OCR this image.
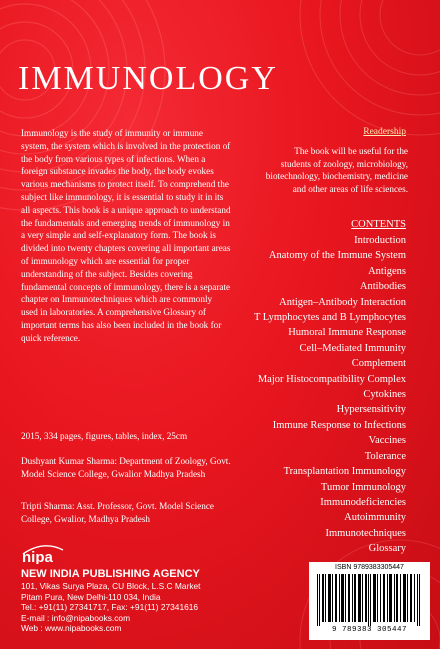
IMMUNOLOGY

Immunology is the study of immunity or immune system, the system which is involved in the protection of the body from various types of infections. When a foreign substance invades the body, the body evokes various mechanisms to protect itself. To comprehend the subject like immunology, it is essential to study it in its all aspects. This book is a unique approach to understand the fundamentals and emerging trends of immunology in a very simple and self-explanatory form. The book is divided into twenty chapters covering all important areas of immunology which are essential for proper understanding of the subject. Besides covering fundamental concepts of immunology, there is a separate chapter on Immunotechniques which are commonly used in laboratories. A comprehensive Glossary of important terms has also been included in the book for quick reference.

2015, 334 pages, figures, tables, index, 25cm

Dushyant Kumar Sharma: Department of Zoology, Govt. Model Science College, Gwalior Madhya Pradesh

Tripti Sharma: Asst. Professor, Govt. Model Science College, Gwalior, Madhya Pradesh

Readership

The book will be useful for the students of zoology, microbiology, biotechnology, biochemistry, medicine and other areas of life sciences.

CONTENTS

Introduction
Anatomy of the Immune System
Antigens
Antibodies
Antigen–Antibody Interaction
T Lymphocytes and B Lymphocytes
Humoral Immune Response
Cell–Mediated Immunity
Complement
Major Histocompatibility Complex
Cytokines
Hypersensitivity
Immune Response to Infections
Vaccines
Tolerance
Transplantation Immunology
Tumor Immunology
Immunodeficiencies
Autoimmunity
Immunotechniques
Glossary
nipa

NEW INDIA PUBLISHING AGENCY

101, Vikas Surya Plaza, CU Block, L.S.C Market

Pitam Pura, New Delhi-110 034, India

Tel.: +91(11) 27341717, Fax: +91(11) 27341616

E-mail : info@nipabooks.com

Web : www.nipabooks.com

ISBN 9789383305447
9 789383 305447
